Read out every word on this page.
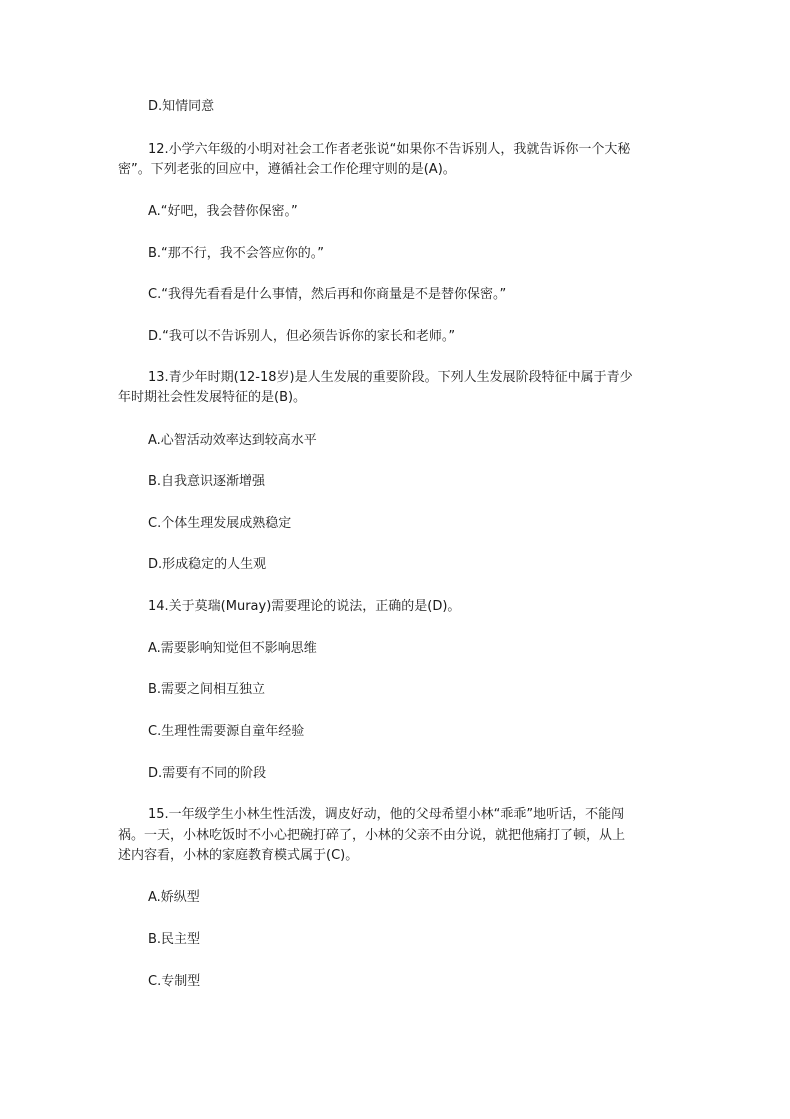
D.知情同意
12.小学六年级的小明对社会工作者老张说“如果你不告诉别人，我就告诉你一个大秘
密”。下列老张的回应中，遵循社会工作伦理守则的是(A)。
A.“好吧，我会替你保密。”
B.“那不行，我不会答应你的。”
C.“我得先看看是什么事情，然后再和你商量是不是替你保密。”
D.“我可以不告诉别人，但必须告诉你的家长和老师。”
13.青少年时期(12-18岁)是人生发展的重要阶段。下列人生发展阶段特征中属于青少
年时期社会性发展特征的是(B)。
A.心智活动效率达到较高水平
B.自我意识逐渐增强
C.个体生理发展成熟稳定
D.形成稳定的人生观
14.关于莫瑞(Muray)需要理论的说法，正确的是(D)。
A.需要影响知觉但不影响思维
B.需要之间相互独立
C.生理性需要源自童年经验
D.需要有不同的阶段
15.一年级学生小林生性活泼，调皮好动，他的父母希望小林“乖乖”地听话，不能闯
祸。一天，小林吃饭时不小心把碗打碎了，小林的父亲不由分说，就把他痛打了顿，从上
述内容看，小林的家庭教育模式属于(C)。
A.娇纵型
B.民主型
C.专制型
